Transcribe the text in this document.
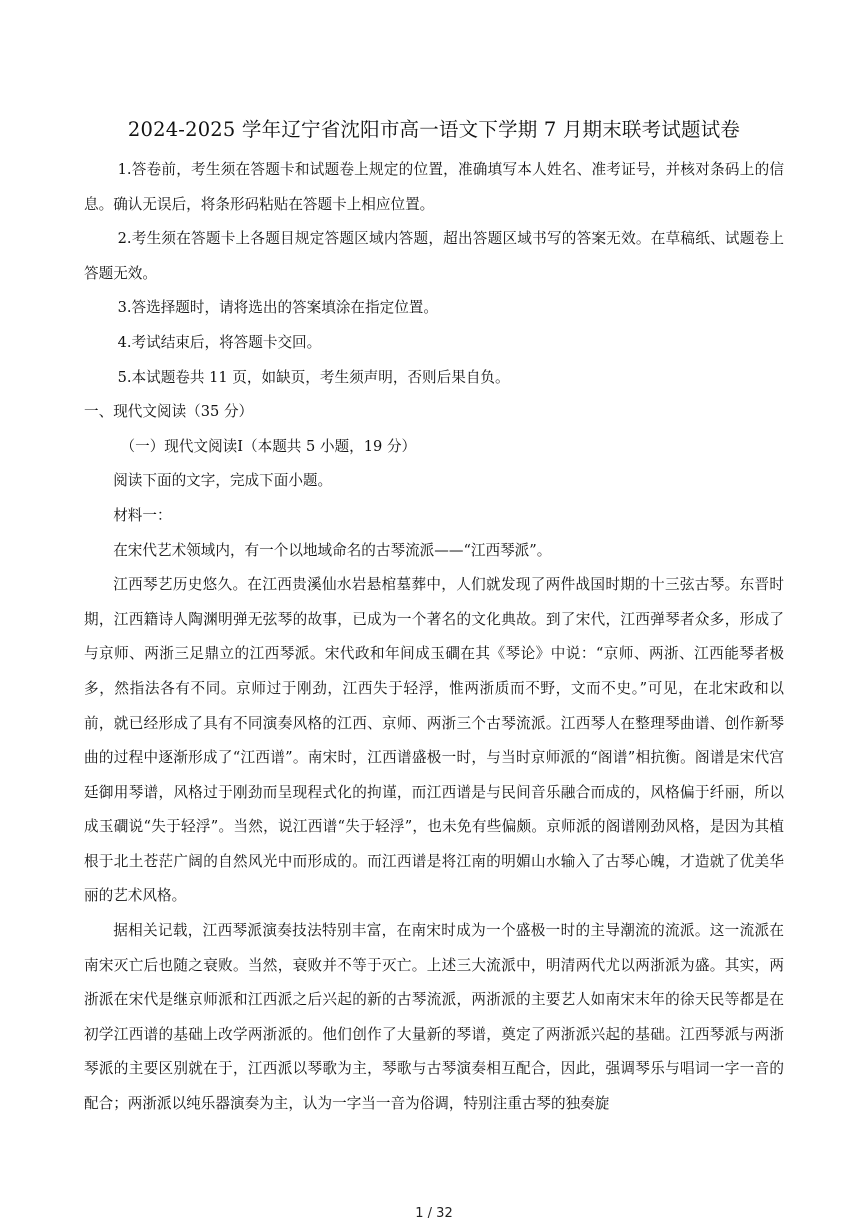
2024-2025 学年辽宁省沈阳市高一语文下学期 7 月期末联考试题试卷

1.答卷前，考生须在答题卡和试题卷上规定的位置，准确填写本人姓名、准考证号，并核对条码上的信息。确认无误后，将条形码粘贴在答题卡上相应位置。

2.考生须在答题卡上各题目规定答题区域内答题，超出答题区域书写的答案无效。在草稿纸、试题卷上答题无效。

3.答选择题时，请将选出的答案填涂在指定位置。

4.考试结束后，将答题卡交回。

5.本试题卷共 11 页，如缺页，考生须声明，否则后果自负。

一、现代文阅读（35 分）

（一）现代文阅读Ⅰ（本题共 5 小题，19 分）

阅读下面的文字，完成下面小题。

材料一：

在宋代艺术领域内，有一个以地域命名的古琴流派——“江西琴派”。

江西琴艺历史悠久。在江西贵溪仙水岩悬棺墓葬中，人们就发现了两件战国时期的十三弦古琴。东晋时期，江西籍诗人陶渊明弹无弦琴的故事，已成为一个著名的文化典故。到了宋代，江西弹琴者众多，形成了与京师、两浙三足鼎立的江西琴派。宋代政和年间成玉磵在其《琴论》中说：“京师、两浙、江西能琴者极多，然指法各有不同。京师过于刚劲，江西失于轻浮，惟两浙质而不野，文而不史。”可见，在北宋政和以前，就已经形成了具有不同演奏风格的江西、京师、两浙三个古琴流派。江西琴人在整理琴曲谱、创作新琴曲的过程中逐渐形成了“江西谱”。南宋时，江西谱盛极一时，与当时京师派的“阁谱”相抗衡。阁谱是宋代宫廷御用琴谱，风格过于刚劲而呈现程式化的拘谨，而江西谱是与民间音乐融合而成的，风格偏于纤丽，所以成玉磵说“失于轻浮”。当然，说江西谱“失于轻浮”，也未免有些偏颇。京师派的阁谱刚劲风格，是因为其植根于北土苍茫广阔的自然风光中而形成的。而江西谱是将江南的明媚山水输入了古琴心魄，才造就了优美华丽的艺术风格。

据相关记载，江西琴派演奏技法特别丰富，在南宋时成为一个盛极一时的主导潮流的流派。这一流派在南宋灭亡后也随之衰败。当然，衰败并不等于灭亡。上述三大流派中，明清两代尤以两浙派为盛。其实，两浙派在宋代是继京师派和江西派之后兴起的新的古琴流派，两浙派的主要艺人如南宋末年的徐天民等都是在初学江西谱的基础上改学两浙派的。他们创作了大量新的琴谱，奠定了两浙派兴起的基础。江西琴派与两浙琴派的主要区别就在于，江西派以琴歌为主，琴歌与古琴演奏相互配合，因此，强调琴乐与唱词一字一音的配合；两浙派以纯乐器演奏为主，认为一字当一音为俗调，特别注重古琴的独奏旋

1 / 32
